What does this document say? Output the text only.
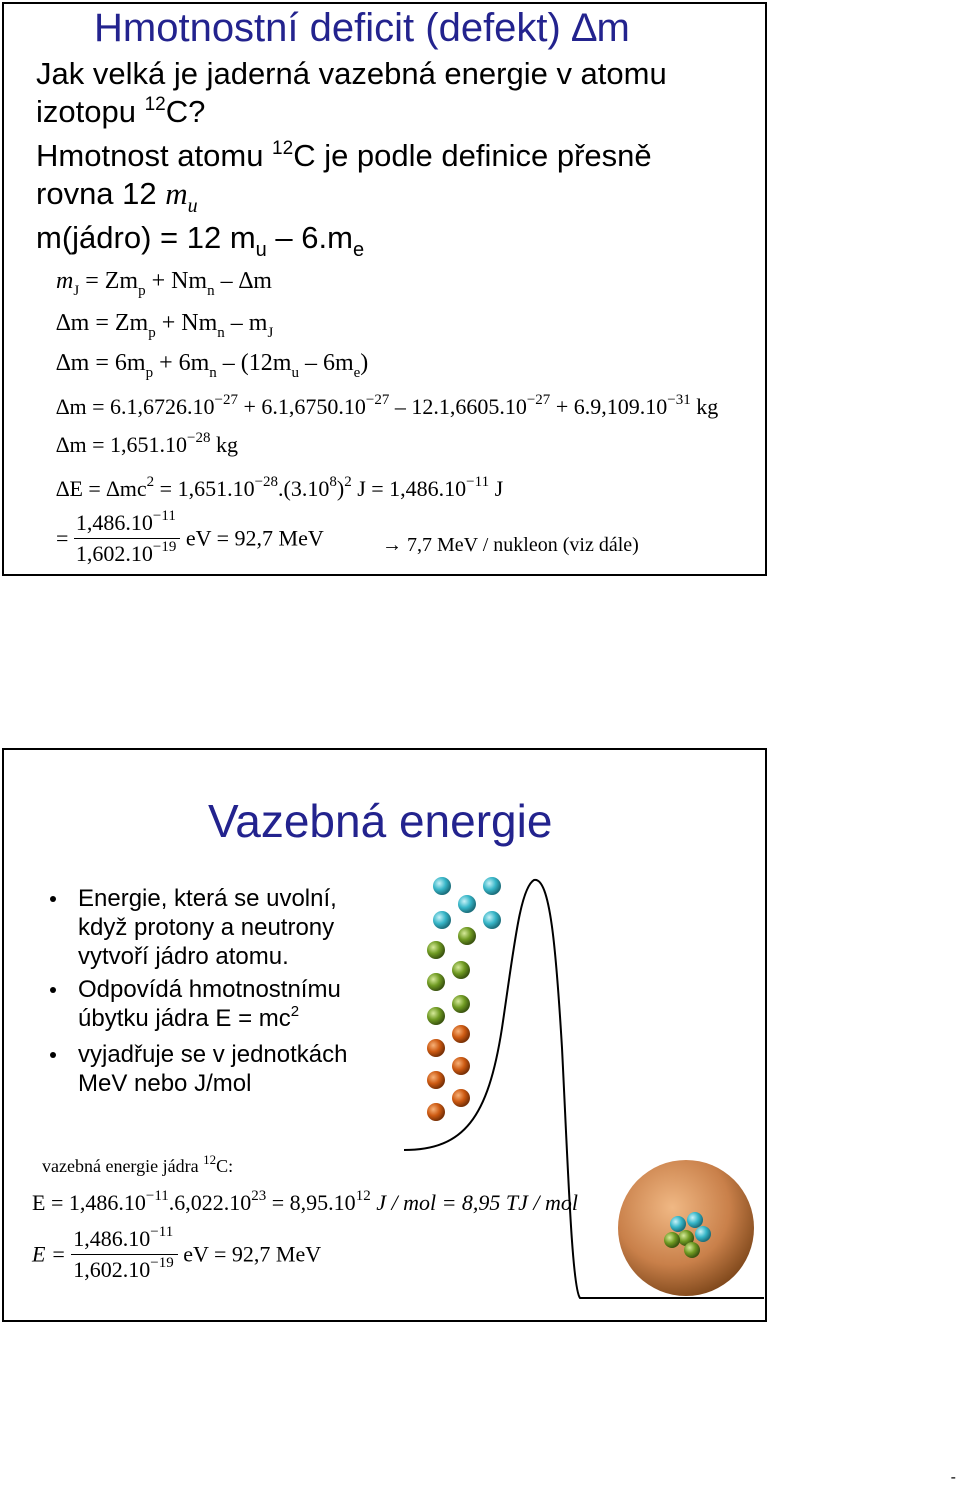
Hmotnostní deficit (defekt) ∆m
Jak velká je jaderná vazebná energie v atomu
izotopu $^{12}$C?
Hmotnost atomu $^{12}$C je podle definice přesně
rovna 12 $m_u$
m(jádro) = 12 $m_u - 6.m_e$
$m_J = Zm_p + Nm_n - \Delta m$
$\Delta m = Zm_p + Nm_n - m_J$
$\Delta m = 6m_p + 6m_n - (12m_u - 6m_e)$
$\Delta m = 6.1,6726.10^{-27} + 6.1,6750.10^{-27} - 12.1,6605.10^{-27} + 6.9,109.10^{-31}$ kg
$\Delta m = 1,651.10^{-28}$ kg
$\Delta E = \Delta mc^2 = 1,651.10^{-28}.(3.10^8)^2$ $J = 1,486.10^{-11}$ J
= $\frac{1,486.10^{-11}}{1,602.10^{-19}}$ eV = 92,7 MeV	→ 7,7 MeV / nukleon (viz dále)
Vazebná energie
Energie, která se uvolní,
když protony a neutrony
vytvoří jádro atomu.
Odpovídá hmotnostnímu
úbytku jádra $E = mc^2$
vyjadřuje se v jednotkách
MeV nebo J/mol
vazebná energie jádra $^{12}$C:
$E = 1,486.10^{-11}.6,022.10^{23} = 8,95.10^{12}$ J / mol = 8,95 TJ / mol
$E = \frac{1,486.10^{-11}}{1,602.10^{-19}}$ eV = 92,7 MeV
-
